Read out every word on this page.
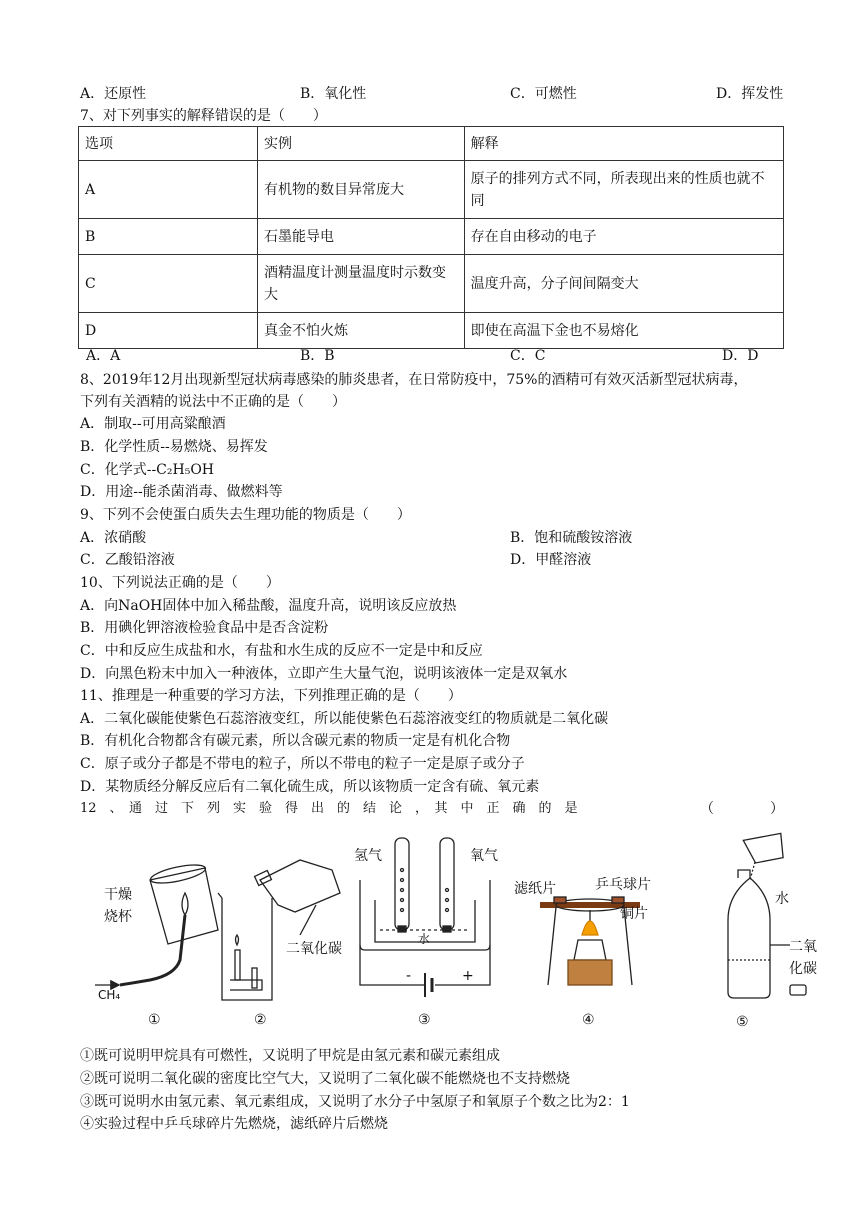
A．还原性	B．氧化性	C．可燃性	D．挥发性
7、对下列事实的解释错误的是（　　）
选项	实例	解释
A	有机物的数目异常庞大	原子的排列方式不同，所表现出来的性质也就不同
B	石墨能导电	存在自由移动的电子
C	酒精温度计测量温度时示数变大	温度升高，分子间间隔变大
D	真金不怕火炼	即使在高温下金也不易熔化
A．A	B．B	C．C	D．D
8、2019年12月出现新型冠状病毒感染的肺炎患者，在日常防疫中，75%的酒精可有效灭活新型冠状病毒，
下列有关酒精的说法中不正确的是（　　）
A．制取--可用高粱酿酒
B．化学性质--易燃烧、易挥发
C．化学式--C₂H₅OH
D．用途--能杀菌消毒、做燃料等
9、下列不会使蛋白质失去生理功能的物质是（　　）
A．浓硝酸	B．饱和硫酸铵溶液
C．乙酸铅溶液	D．甲醛溶液
10、下列说法正确的是（　　）
A．向NaOH固体中加入稀盐酸，温度升高，说明该反应放热
B．用碘化钾溶液检验食品中是否含淀粉
C．中和反应生成盐和水，有盐和水生成的反应不一定是中和反应
D．向黑色粉末中加入一种液体，立即产生大量气泡，说明该液体一定是双氧水
11、推理是一种重要的学习方法，下列推理正确的是（　　）
A．二氧化碳能使紫色石蕊溶液变红，所以能使紫色石蕊溶液变红的物质就是二氧化碳
B．有机化合物都含有碳元素，所以含碳元素的物质一定是有机化合物
C．原子或分子都是不带电的粒子，所以不带电的粒子一定是原子或分子
D．某物质经分解反应后有二氧化硫生成，所以该物质一定含有硫、氧元素
12　、　通　过　下　列　实　验　得　出　的　结　论　，　其　中　正　确　的　是	（　　　　）
干燥
烧杯
CH₄
二氧化碳
氢气	氧气
水
-	+
滤纸片	乒乓球片
铜片
水
二氧
化碳
①	②	③	④	⑤
①既可说明甲烷具有可燃性，又说明了甲烷是由氢元素和碳元素组成
②既可说明二氧化碳的密度比空气大，又说明了二氧化碳不能燃烧也不支持燃烧
③既可说明水由氢元素、氧元素组成，又说明了水分子中氢原子和氧原子个数之比为2：1
④实验过程中乒乓球碎片先燃烧，滤纸碎片后燃烧
